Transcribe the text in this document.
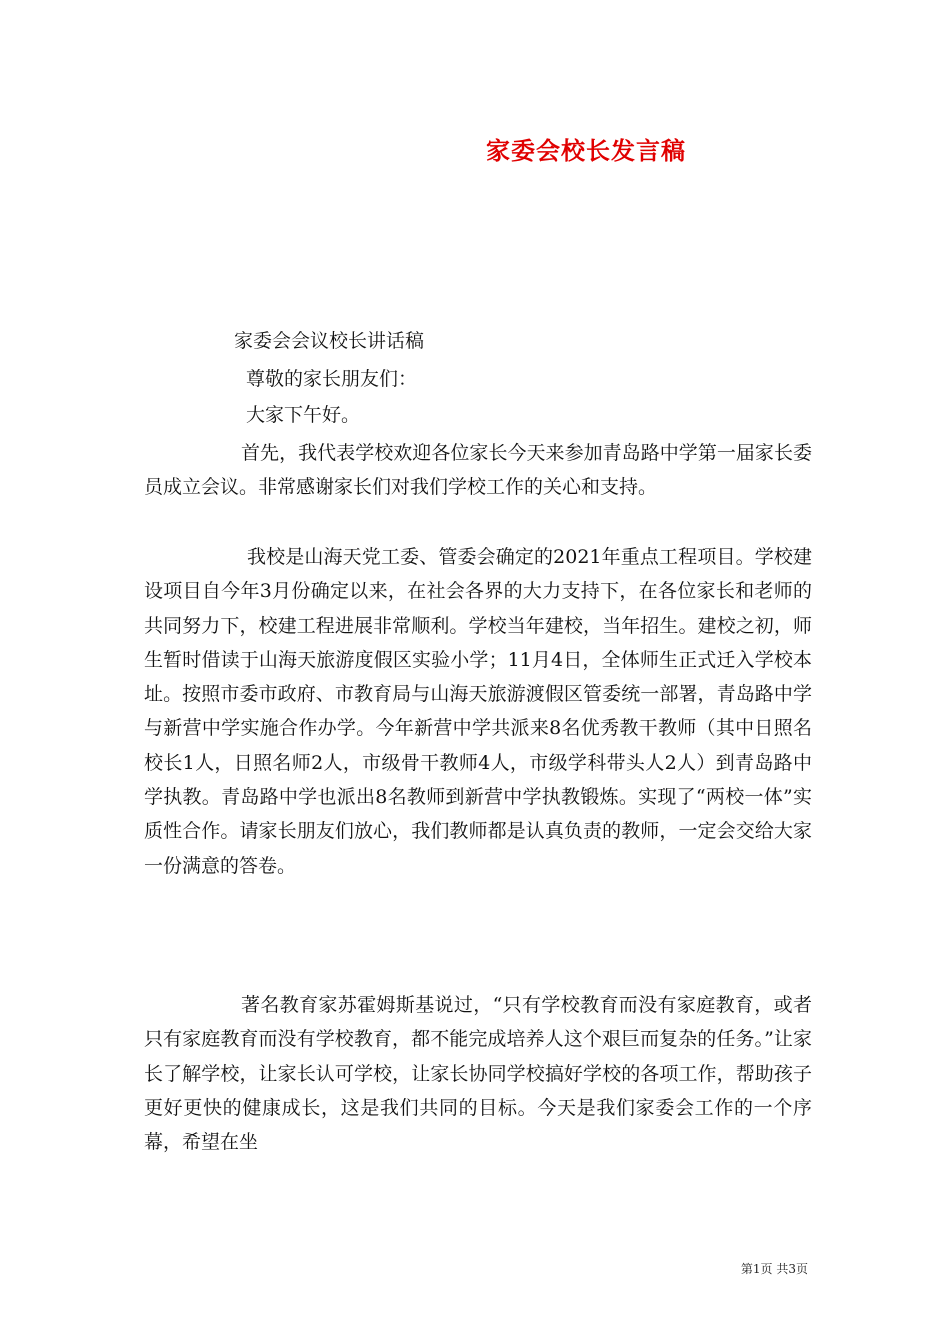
家委会校长发言稿
家委会会议校长讲话稿
尊敬的家长朋友们：
大家下午好。

首先，我代表学校欢迎各位家长今天来参加青岛路中学第一届家长委员成立会议。非常感谢家长们对我们学校工作的关心和支持。

我校是山海天党工委、管委会确定的2021年重点工程项目。学校建设项目自今年3月份确定以来，在社会各界的大力支持下，在各位家长和老师的共同努力下，校建工程进展非常顺利。学校当年建校，当年招生。建校之初，师生暂时借读于山海天旅游度假区实验小学；11月4日，全体师生正式迁入学校本址。按照市委市政府、市教育局与山海天旅游渡假区管委统一部署，青岛路中学与新营中学实施合作办学。今年新营中学共派来8名优秀教干教师（其中日照名校长1人，日照名师2人，市级骨干教师4人，市级学科带头人2人）到青岛路中学执教。青岛路中学也派出8名教师到新营中学执教锻炼。实现了“两校一体”实质性合作。请家长朋友们放心，我们教师都是认真负责的教师，一定会交给大家一份满意的答卷。

著名教育家苏霍姆斯基说过，“只有学校教育而没有家庭教育，或者只有家庭教育而没有学校教育，都不能完成培养人这个艰巨而复杂的任务。”让家长了解学校，让家长认可学校，让家长协同学校搞好学校的各项工作，帮助孩子更好更快的健康成长，这是我们共同的目标。今天是我们家委会工作的一个序幕，希望在坐

第1页 共3页
